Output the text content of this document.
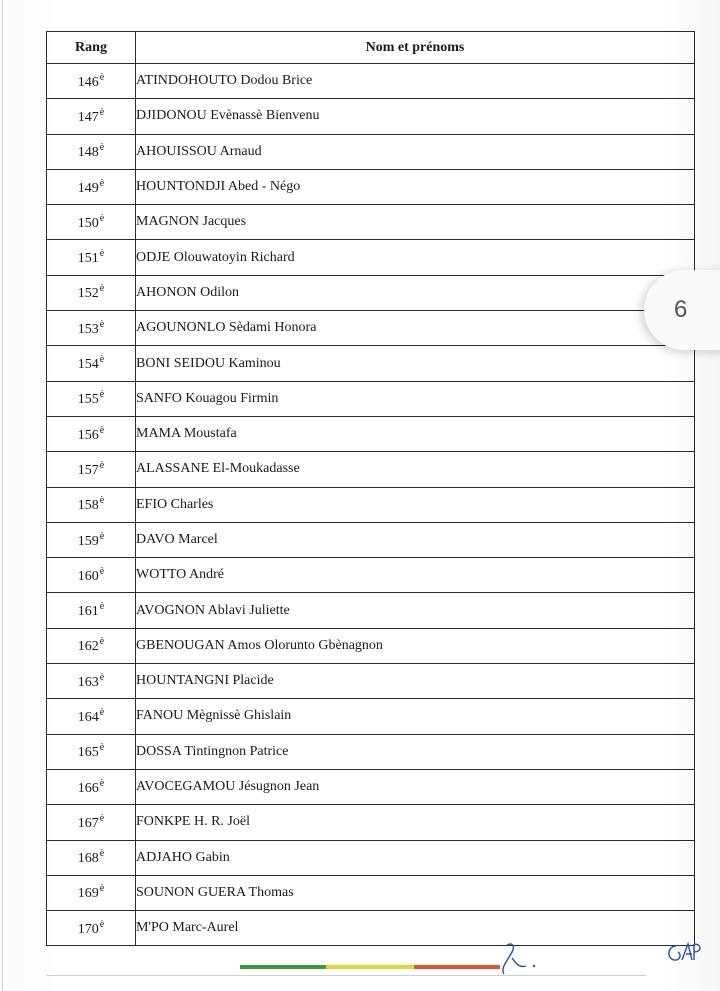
Rang	Nom et prénoms
$146^è$	ATINDOHOUTO Dodou Brice
$147^è$	DJIDONOU Evènassè Bienvenu
$148^è$	AHOUISSOU Arnaud
$149^è$	HOUNTONDJI Abed - Négo
$150^è$	MAGNON Jacques
$151^è$	ODJE Olouwatoyin Richard
$152^è$	AHONON Odilon
$153^è$	AGOUNONLO Sèdami Honora
$154^è$	BONI SEIDOU Kaminou
$155^è$	SANFO Kouagou Firmin
$156^è$	MAMA Moustafa
$157^è$	ALASSANE El-Moukadasse
$158^è$	EFIO Charles
$159^è$	DAVO Marcel
$160^è$	WOTTO André
$161^è$	AVOGNON Ablavi Juliette
$162^è$	GBENOUGAN Amos Olorunto Gbènagnon
$163^è$	HOUNTANGNI Placide
$164^è$	FANOU Mègnissè Ghislain
$165^è$	DOSSA Tintingnon Patrice
$166^è$	AVOCEGAMOU Jésugnon Jean
$167^è$	FONKPE H. R. Joël
$168^è$	ADJAHO Gabin
$169^è$	SOUNON GUERA Thomas
$170^è$	M'PO Marc-Aurel
6
